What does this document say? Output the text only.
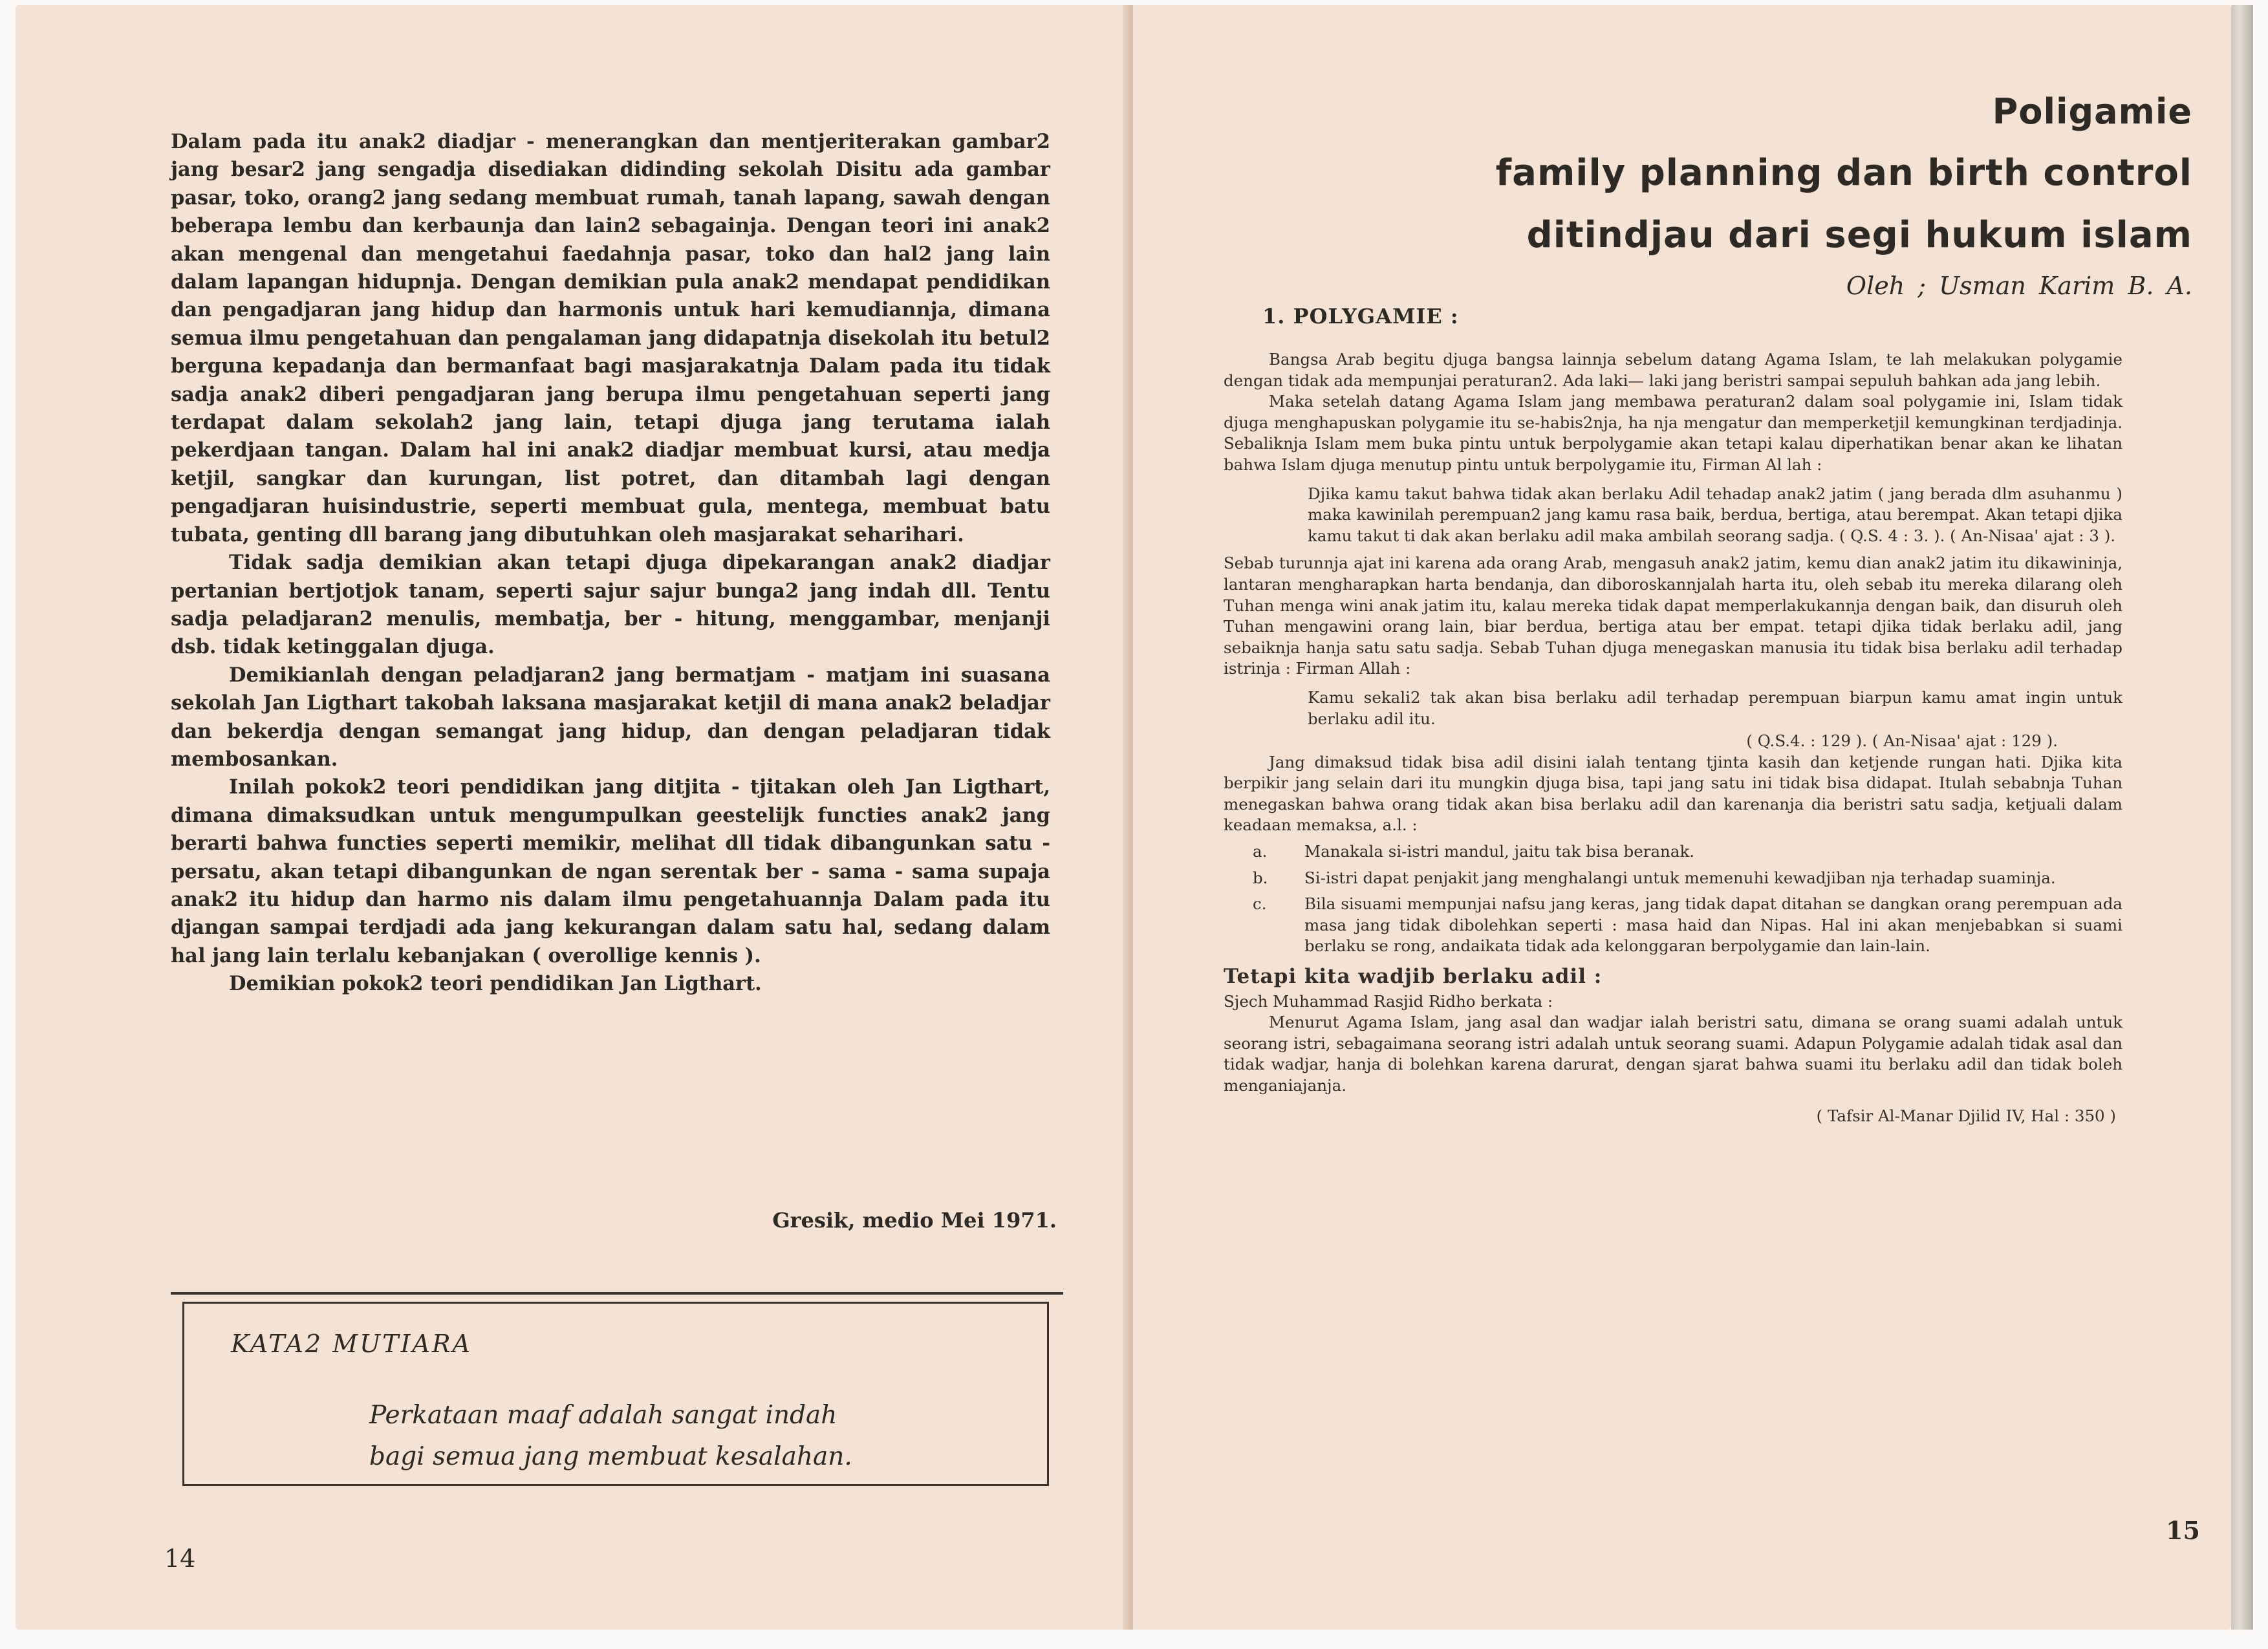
Dalam pada itu anak2 diadjar - menerangkan dan mentjeriterakan gambar2 jang besar2 jang sengadja disediakan didinding sekolah Disitu ada gambar pasar, toko, orang2 jang sedang membuat rumah, tanah lapang, sawah dengan beberapa lembu dan kerbaunja dan lain2 sebagainja. Dengan teori ini anak2 akan mengenal dan mengetahui faedahnja pasar, toko dan hal2 jang lain dalam lapangan hidupnja. Dengan demikian pula anak2 mendapat pendidikan dan pengadjaran jang hidup dan harmonis untuk hari kemudiannja, dimana semua ilmu pengetahuan dan pengalaman jang didapatnja disekolah itu betul2 berguna kepadanja dan bermanfaat bagi masjarakatnja Dalam pada itu tidak sadja anak2 diberi pengadjaran jang berupa ilmu pengetahuan seperti jang terdapat dalam sekolah2 jang lain, tetapi djuga jang terutama ialah pekerdjaan tangan. Dalam hal ini anak2 diadjar membuat kursi, atau medja ketjil, sangkar dan kurungan, list potret, dan ditambah lagi dengan pengadjaran huisindustrie, seperti membuat gula, mentega, membuat batu tubata, genting dll barang jang dibutuhkan oleh masjarakat seharihari.

Tidak sadja demikian akan tetapi djuga dipekarangan anak2 diadjar pertanian bertjotjok tanam, seperti sajur sajur bunga2 jang indah dll. Tentu sadja peladjaran2 menulis, membatja, ber - hitung, menggambar, menjanji dsb. tidak ketinggalan djuga.

Demikianlah dengan peladjaran2 jang bermatjam - matjam ini suasana sekolah Jan Ligthart takobah laksana masjarakat ketjil di mana anak2 beladjar dan bekerdja dengan semangat jang hidup, dan dengan peladjaran tidak membosankan.

Inilah pokok2 teori pendidikan jang ditjita - tjitakan oleh Jan Ligthart, dimana dimaksudkan untuk mengumpulkan geestelijk functies anak2 jang berarti bahwa functies seperti memikir, melihat dll tidak dibangunkan satu - persatu, akan tetapi dibangunkan de ngan serentak ber - sama - sama supaja anak2 itu hidup dan harmo nis dalam ilmu pengetahuannja Dalam pada itu djangan sampai terdjadi ada jang kekurangan dalam satu hal, sedang dalam hal jang lain terlalu kebanjakan ( overollige kennis ).

Demikian pokok2 teori pendidikan Jan Ligthart.

Gresik, medio Mei 1971.
KATA2 MUTIARA
Perkataan maaf adalah sangat indah
bagi semua jang membuat kesalahan.
14
Poligamie
family planning dan birth control
ditindjau dari segi hukum islam
Oleh ; Usman Karim B. A.
1. POLYGAMIE :

Bangsa Arab begitu djuga bangsa lainnja sebelum datang Agama Islam, te lah melakukan polygamie dengan tidak ada mempunjai peraturan2. Ada laki— laki jang beristri sampai sepuluh bahkan ada jang lebih.

Maka setelah datang Agama Islam jang membawa peraturan2 dalam soal polygamie ini, Islam tidak djuga menghapuskan polygamie itu se-habis2nja, ha nja mengatur dan memperketjil kemungkinan terdjadinja. Sebaliknja Islam mem buka pintu untuk berpolygamie akan tetapi kalau diperhatikan benar akan ke lihatan bahwa Islam djuga menutup pintu untuk berpolygamie itu, Firman Al lah :

Djika kamu takut bahwa tidak akan berlaku Adil tehadap anak2 jatim ( jang berada dlm asuhanmu ) maka kawinilah perempuan2 jang kamu rasa baik, berdua, bertiga, atau berempat. Akan tetapi djika kamu takut ti dak akan berlaku adil maka ambilah seorang sadja. ( Q.S. 4 : 3. ). ( An-Nisaa' ajat : 3 ).

Sebab turunnja ajat ini karena ada orang Arab, mengasuh anak2 jatim, kemu dian anak2 jatim itu dikawininja, lantaran mengharapkan harta bendanja, dan diboroskannjalah harta itu, oleh sebab itu mereka dilarang oleh Tuhan menga wini anak jatim itu, kalau mereka tidak dapat memperlakukannja dengan baik, dan disuruh oleh Tuhan mengawini orang lain, biar berdua, bertiga atau ber empat. tetapi djika tidak berlaku adil, jang sebaiknja hanja satu satu sadja. Sebab Tuhan djuga menegaskan manusia itu tidak bisa berlaku adil terhadap istrinja : Firman Allah :

Kamu sekali2 tak akan bisa berlaku adil terhadap perempuan biarpun kamu amat ingin untuk berlaku adil itu.

( Q.S.4. : 129 ). ( An-Nisaa' ajat : 129 ).

Jang dimaksud tidak bisa adil disini ialah tentang tjinta kasih dan ketjende rungan hati. Djika kita berpikir jang selain dari itu mungkin djuga bisa, tapi jang satu ini tidak bisa didapat. Itulah sebabnja Tuhan menegaskan bahwa orang tidak akan bisa berlaku adil dan karenanja dia beristri satu sadja, ketjuali dalam keadaan memaksa, a.l. :

a.	Manakala si-istri mandul, jaitu tak bisa beranak.
b.	Si-istri dapat penjakit jang menghalangi untuk memenuhi kewadjiban nja terhadap suaminja.
c.	Bila sisuami mempunjai nafsu jang keras, jang tidak dapat ditahan se dangkan orang perempuan ada masa jang tidak dibolehkan seperti : masa haid dan Nipas. Hal ini akan menjebabkan si suami berlaku se rong, andaikata tidak ada kelonggaran berpolygamie dan lain-lain.

Tetapi kita wadjib berlaku adil :

Sjech Muhammad Rasjid Ridho berkata :

Menurut Agama Islam, jang asal dan wadjar ialah beristri satu, dimana se orang suami adalah untuk seorang istri, sebagaimana seorang istri adalah untuk seorang suami. Adapun Polygamie adalah tidak asal dan tidak wadjar, hanja di bolehkan karena darurat, dengan sjarat bahwa suami itu berlaku adil dan tidak boleh menganiajanja.

( Tafsir Al-Manar Djilid IV, Hal : 350 )

15
